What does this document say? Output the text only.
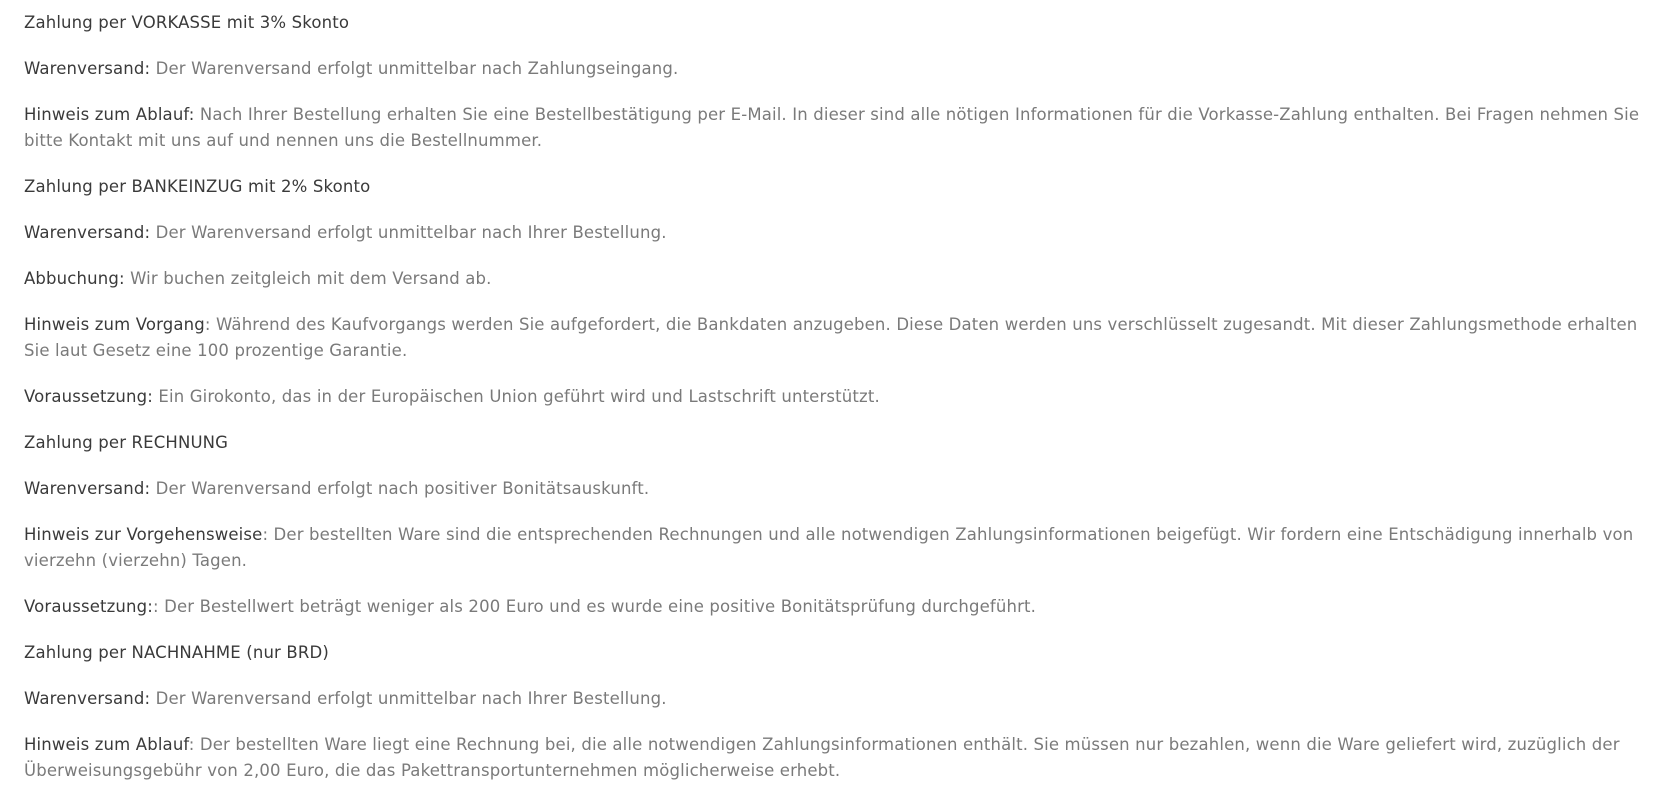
Zahlung per VORKASSE mit 3% Skonto

Warenversand: Der Warenversand erfolgt unmittelbar nach Zahlungseingang.

Hinweis zum Ablauf: Nach Ihrer Bestellung erhalten Sie eine Bestellbestätigung per E-Mail. In dieser sind alle nötigen Informationen für die Vorkasse-Zahlung enthalten. Bei Fragen nehmen Sie bitte Kontakt mit uns auf und nennen uns die Bestellnummer.

Zahlung per BANKEINZUG mit 2% Skonto

Warenversand: Der Warenversand erfolgt unmittelbar nach Ihrer Bestellung.

Abbuchung: Wir buchen zeitgleich mit dem Versand ab.

Hinweis zum Vorgang: Während des Kaufvorgangs werden Sie aufgefordert, die Bankdaten anzugeben. Diese Daten werden uns verschlüsselt zugesandt. Mit dieser Zahlungsmethode erhalten Sie laut Gesetz eine 100 prozentige Garantie.

Voraussetzung: Ein Girokonto, das in der Europäischen Union geführt wird und Lastschrift unterstützt.

Zahlung per RECHNUNG

Warenversand: Der Warenversand erfolgt nach positiver Bonitätsauskunft.

Hinweis zur Vorgehensweise: Der bestellten Ware sind die entsprechenden Rechnungen und alle notwendigen Zahlungsinformationen beigefügt. Wir fordern eine Entschädigung innerhalb von vierzehn (vierzehn) Tagen.

Voraussetzung:: Der Bestellwert beträgt weniger als 200 Euro und es wurde eine positive Bonitätsprüfung durchgeführt.

Zahlung per NACHNAHME (nur BRD)

Warenversand: Der Warenversand erfolgt unmittelbar nach Ihrer Bestellung.

Hinweis zum Ablauf: Der bestellten Ware liegt eine Rechnung bei, die alle notwendigen Zahlungsinformationen enthält. Sie müssen nur bezahlen, wenn die Ware geliefert wird, zuzüglich der Überweisungsgebühr von 2,00 Euro, die das Pakettransportunternehmen möglicherweise erhebt.
